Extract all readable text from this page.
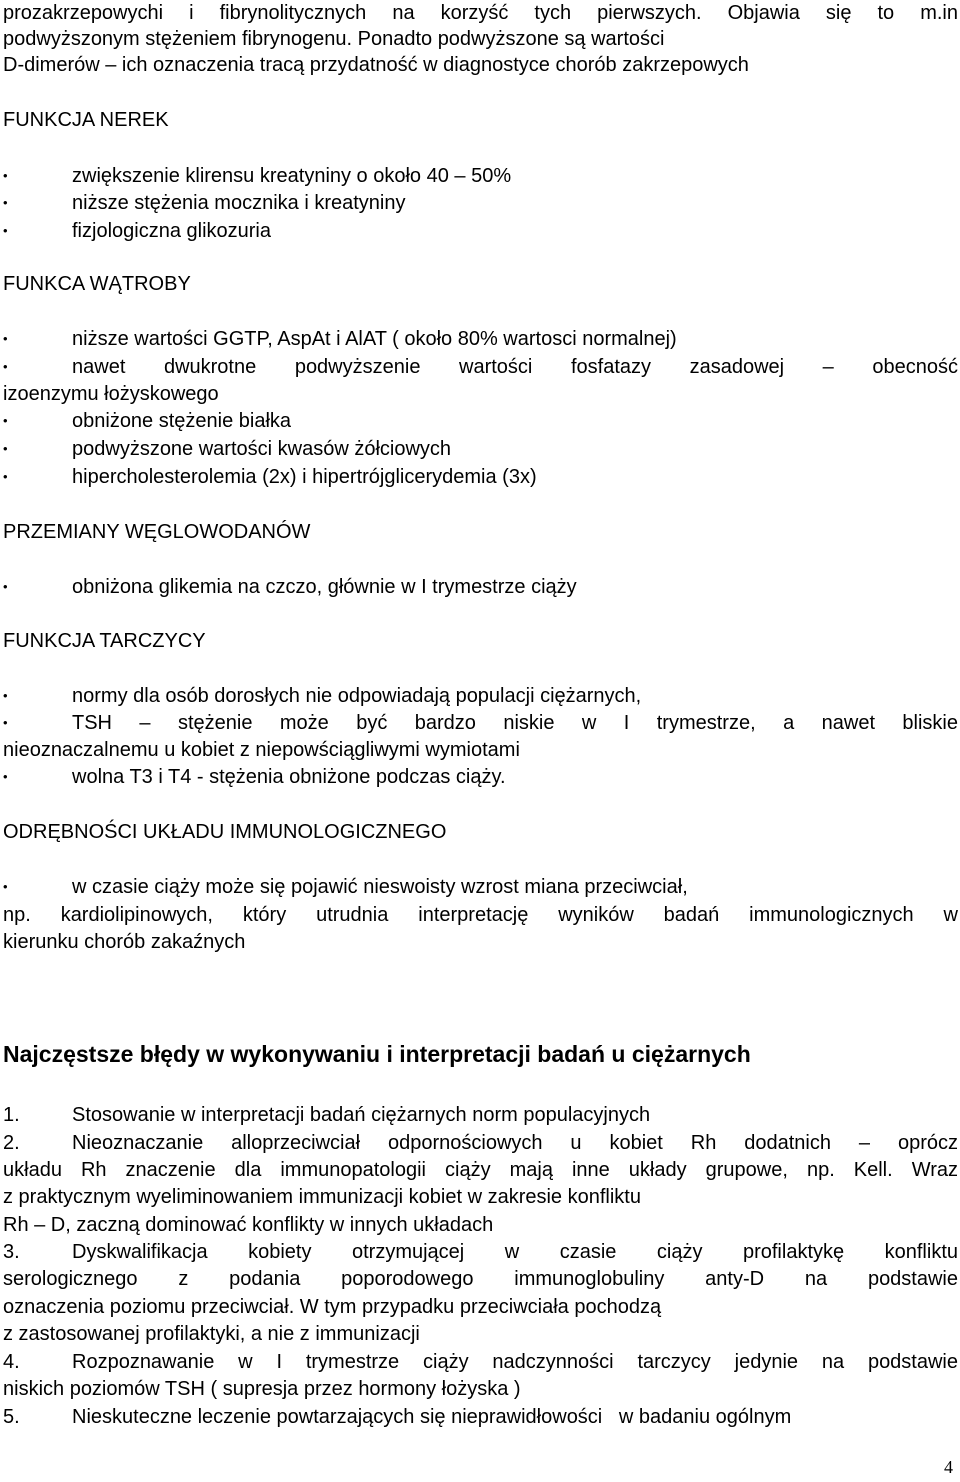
prozakrzepowychi i fibrynolitycznych na korzyść tych pierwszych. Objawia się to m.in

podwyższonym stężeniem fibrynogenu. Ponadto podwyższone są wartości

D-dimerów – ich oznaczenia tracą przydatność w diagnostyce chorób zakrzepowych

FUNKCJA NEREK

•	zwiększenie klirensu kreatyniny o około 40 – 50%
•	niższe stężenia mocznika i kreatyniny
•	fizjologiczna glikozuria

FUNKCA WĄTROBY

•	niższe wartości GGTP, AspAt i AlAT ( około 80% wartosci normalnej)
•	nawet dwukrotne podwyższenie wartości fosfatazy zasadowej – obecność

izoenzymu łożyskowego

•	obniżone stężenie białka
•	podwyższone wartości kwasów żółciowych
•	hipercholesterolemia (2x) i hipertrójglicerydemia (3x)

PRZEMIANY WĘGLOWODANÓW

•	obniżona glikemia na czczo, głównie w I trymestrze ciąży

FUNKCJA TARCZYCY

•	normy dla osób dorosłych nie odpowiadają populacji ciężarnych,
•	TSH – stężenie może być bardzo niskie w I trymestrze, a nawet bliskie

nieoznaczalnemu u kobiet z niepowściągliwymi wymiotami

•	wolna T3 i T4 - stężenia obniżone podczas ciąży.

ODRĘBNOŚCI UKŁADU IMMUNOLOGICZNEGO

•	w czasie ciąży może się pojawić nieswoisty wzrost miana przeciwciał,

np. kardiolipinowych, który utrudnia interpretację wyników badań immunologicznych w

kierunku chorób zakaźnych

Najczęstsze błędy w wykonywaniu i interpretacji badań u ciężarnych

1.	Stosowanie w interpretacji badań ciężarnych norm populacyjnych
2.	Nieoznaczanie alloprzeciwciał odpornościowych u kobiet Rh dodatnich – oprócz

układu Rh znaczenie dla immunopatologii ciąży mają inne układy grupowe, np. Kell. Wraz

z praktycznym wyeliminowaniem immunizacji kobiet w zakresie konfliktu

Rh – D, zaczną dominować konflikty w innych układach

3.	Dyskwalifikacja kobiety otrzymującej w czasie ciąży profilaktykę konfliktu

serologicznego z podania poporodowego immunoglobuliny anty-D na podstawie

oznaczenia poziomu przeciwciał. W tym przypadku przeciwciała pochodzą

z zastosowanej profilaktyki, a nie z immunizacji

4.	Rozpoznawanie w I trymestrze ciąży nadczynności tarczycy jedynie na podstawie

niskich poziomów TSH ( supresja przez hormony łożyska )

5.	Nieskuteczne leczenie powtarzających się nieprawidłowości   w badaniu ogólnym
4
